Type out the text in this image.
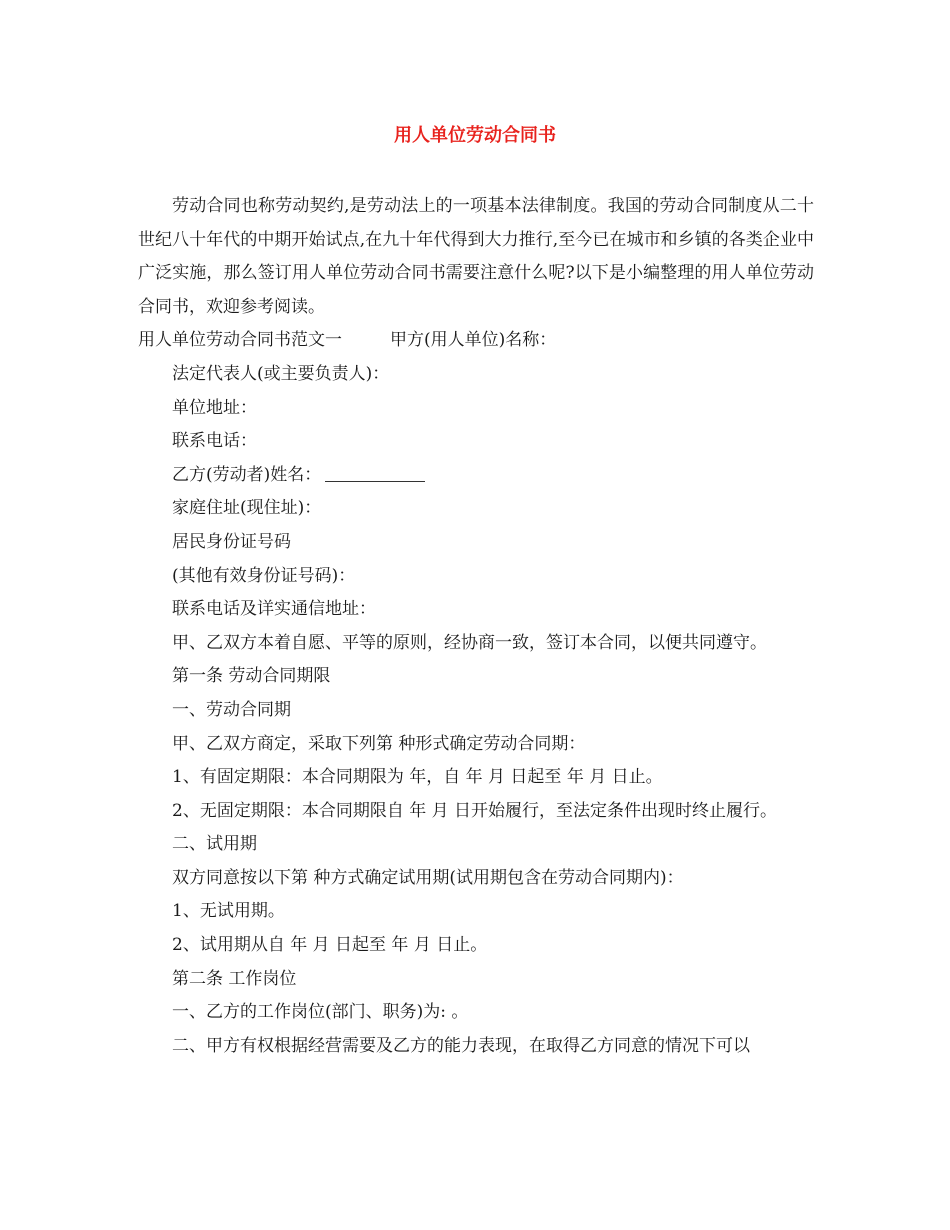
用人单位劳动合同书

劳动合同也称劳动契约,是劳动法上的一项基本法律制度。我国的劳动合同制度从二十世纪八十年代的中期开始试点,在九十年代得到大力推行,至今已在城市和乡镇的各类企业中广泛实施，那么签订用人单位劳动合同书需要注意什么呢?以下是小编整理的用人单位劳动合同书，欢迎参考阅读。

用人单位劳动合同书范文一	甲方(用人单位)名称：

法定代表人(或主要负责人)：

单位地址：

联系电话：

乙方(劳动者)姓名：

家庭住址(现住址)：

居民身份证号码

(其他有效身份证号码)：

联系电话及详实通信地址：

甲、乙双方本着自愿、平等的原则，经协商一致，签订本合同，以便共同遵守。

第一条 劳动合同期限

一、劳动合同期

甲、乙双方商定，采取下列第 种形式确定劳动合同期：

1、有固定期限：本合同期限为 年，自 年 月 日起至 年 月 日止。

2、无固定期限：本合同期限自 年 月 日开始履行，至法定条件出现时终止履行。

二、试用期

双方同意按以下第 种方式确定试用期(试用期包含在劳动合同期内)：

1、无试用期。

2、试用期从自 年 月 日起至 年 月 日止。

第二条 工作岗位

一、乙方的工作岗位(部门、职务)为: 。

二、甲方有权根据经营需要及乙方的能力表现，在取得乙方同意的情况下可以
